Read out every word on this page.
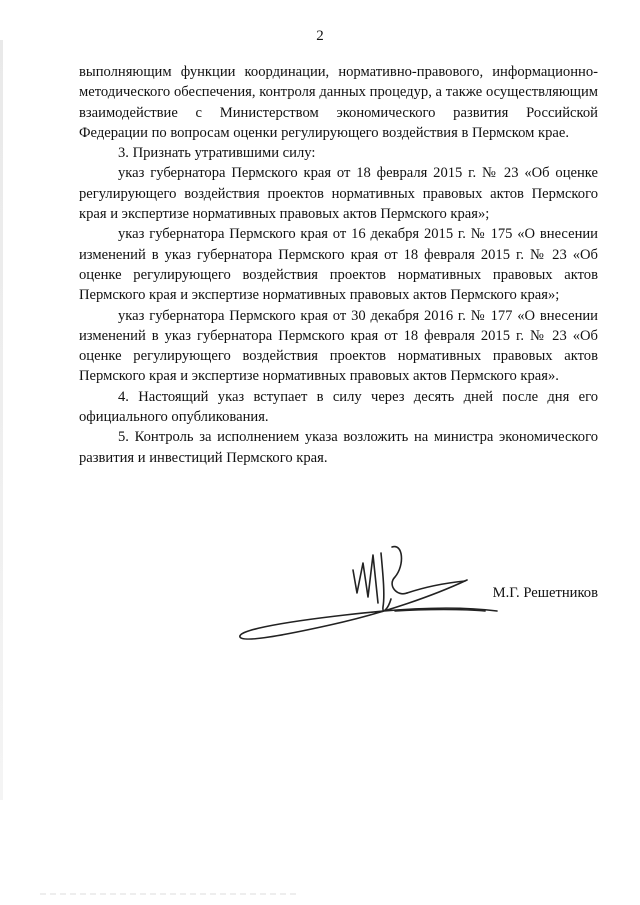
2

выполняющим функции координации, нормативно-правового, информационно-методического обеспечения, контроля данных процедур, а также осуществляющим взаимодействие с Министерством экономического развития Российской Федерации по вопросам оценки регулирующего воздействия в Пермском крае.

3. Признать утратившими силу:

указ губернатора Пермского края от 18 февраля 2015 г. № 23 «Об оценке регулирующего воздействия проектов нормативных правовых актов Пермского края и экспертизе нормативных правовых актов Пермского края»;

указ губернатора Пермского края от 16 декабря 2015 г. № 175 «О внесении изменений в указ губернатора Пермского края от 18 февраля 2015 г. № 23 «Об оценке регулирующего воздействия проектов нормативных правовых актов Пермского края и экспертизе нормативных правовых актов Пермского края»;

указ губернатора Пермского края от 30 декабря 2016 г. № 177 «О внесении изменений в указ губернатора Пермского края от 18 февраля 2015 г. № 23 «Об оценке регулирующего воздействия проектов нормативных правовых актов Пермского края и экспертизе нормативных правовых актов Пермского края».

4. Настоящий указ вступает в силу через десять дней после дня его официального опубликования.

5. Контроль за исполнением указа возложить на министра экономического развития и инвестиций Пермского края.

М.Г. Решетников
